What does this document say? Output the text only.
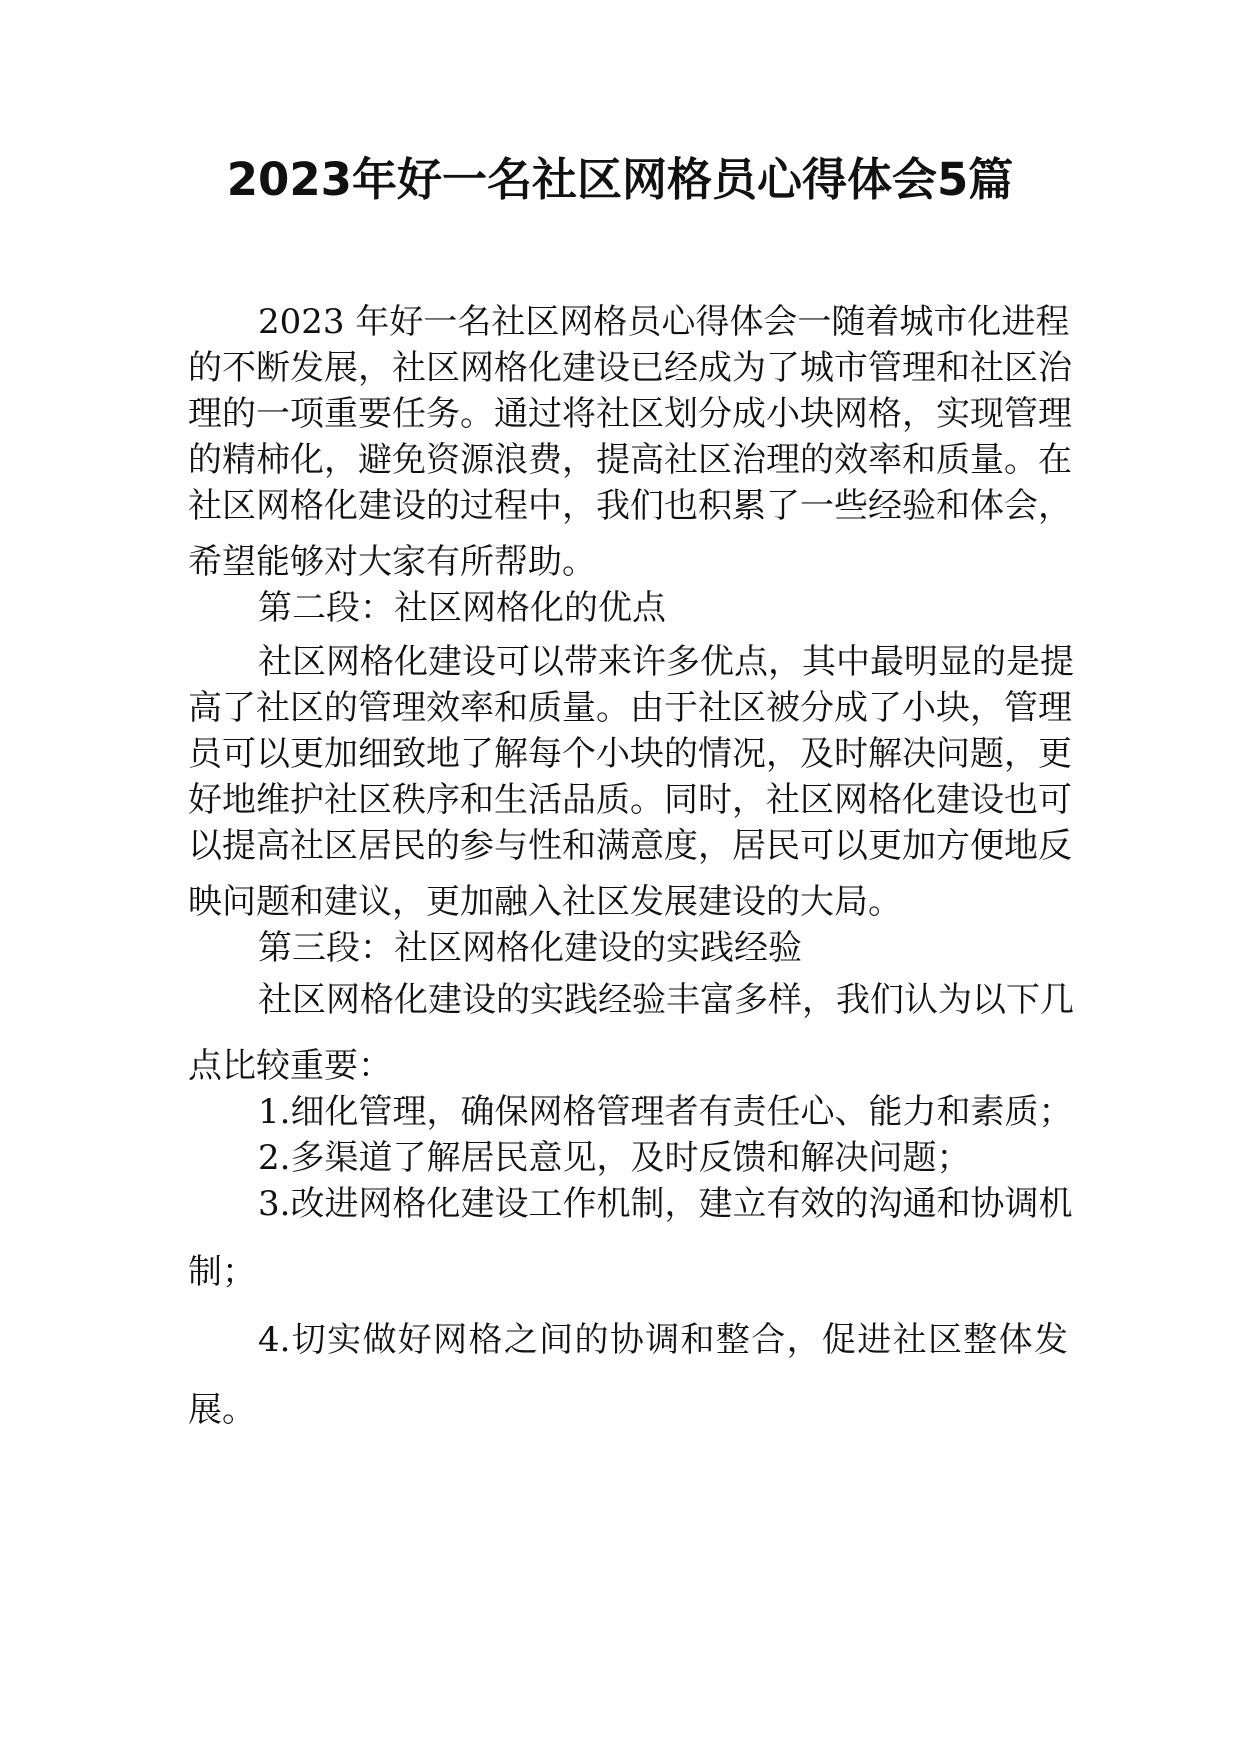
2023年好一名社区网格员心得体会5篇
2023 年好一名社区网格员心得体会一随着城市化进程
的不断发展，社区网格化建设已经成为了城市管理和社区治
理的一项重要任务。通过将社区划分成小块网格，实现管理
的精柿化，避免资源浪费，提高社区治理的效率和质量。在
社区网格化建设的过程中，我们也积累了一些经验和体会，
希望能够对大家有所帮助。
第二段：社区网格化的优点
社区网格化建设可以带来许多优点，其中最明显的是提
高了社区的管理效率和质量。由于社区被分成了小块，管理
员可以更加细致地了解每个小块的情况，及时解决问题，更
好地维护社区秩序和生活品质。同时，社区网格化建设也可
以提高社区居民的参与性和满意度，居民可以更加方便地反
映问题和建议，更加融入社区发展建设的大局。
第三段：社区网格化建设的实践经验
社区网格化建设的实践经验丰富多样，我们认为以下几
点比较重要：
1.细化管理，确保网格管理者有责任心、能力和素质；
2.多渠道了解居民意见，及时反馈和解决问题；
3.改进网格化建设工作机制，建立有效的沟通和协调机
制；
4.切实做好网格之间的协调和整合，促进社区整体发
展。
